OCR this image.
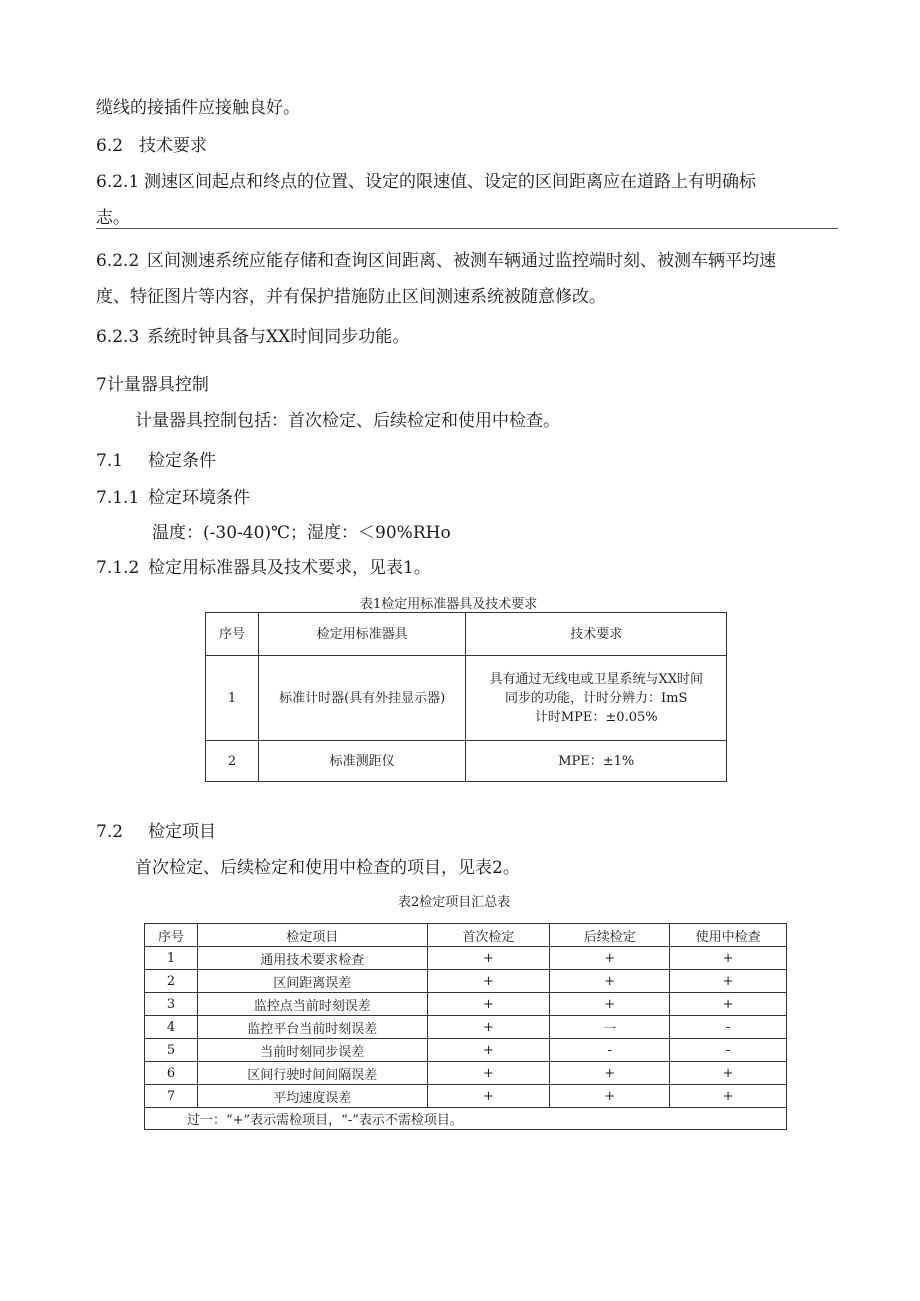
缆线的接插件应接触良好。
6.2 技术要求
6.2.1 测速区间起点和终点的位置、设定的限速值、设定的区间距离应在道路上有明确标
志。
6.2.2 区间测速系统应能存储和查询区间距离、被测车辆通过监控端时刻、被测车辆平均速
度、特征图片等内容，并有保护措施防止区间测速系统被随意修改。
6.2.3 系统时钟具备与XX时间同步功能。
7计量器具控制
计量器具控制包括：首次检定、后续检定和使用中检查。
7.1 检定条件
7.1.1 检定环境条件
温度：(-30-40)℃；湿度：＜90%RHo
7.1.2 检定用标准器具及技术要求，见表1。
表1检定用标准器具及技术要求
序号	检定用标准器具	技术要求
1	标准计时器(具有外挂显示器)	具有通过无线电或卫星系统与XX时间
同步的功能，计时分辨力：ImS
计时MPE：±0.05%

2	标准测距仪	MPE：±1%
7.2 检定项目
首次检定、后续检定和使用中检查的项目，见表2。
表2检定项目汇总表
序号	检定项目	首次检定	后续检定	使用中检查
1	通用技术要求检查	+	+	+
2	区间距离误差	+	+	+
3	监控点当前时刻误差	+	+	+
4	监控平台当前时刻误差	+	一	-
5	当前时刻同步误差	+	-	-
6	区间行驶时间间隔误差	+	+	+
7	平均速度误差	+	+	+
过一：“+”表示需检项目，“-”表示不需检项目。				
